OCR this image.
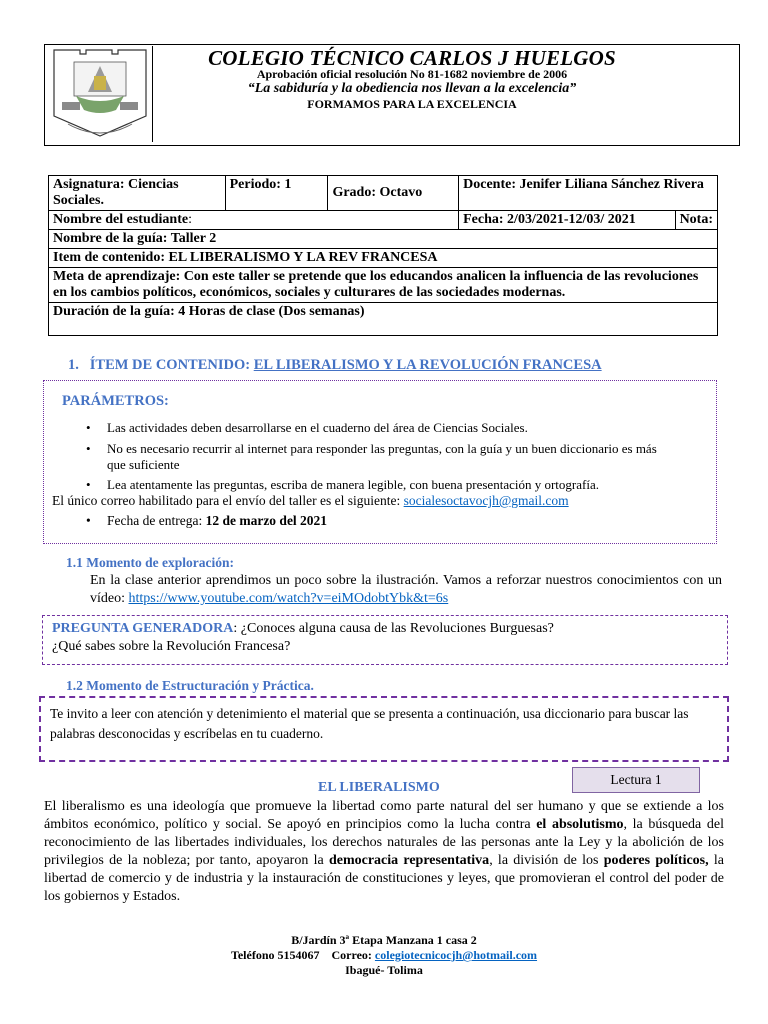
COLEGIO TÉCNICO CARLOS J HUELGOS
Aprobación oficial resolución No 81-1682 noviembre de 2006
“La sabiduría y la obediencia nos llevan a la excelencia”
FORMAMOS PARA LA EXCELENCIA
Asignatura: Ciencias Sociales.	Periodo: 1	Grado: Octavo	Docente: Jenifer Liliana Sánchez Rivera	
Nombre del estudiante:			Fecha: 2/03/2021-12/03/ 2021	Nota:
Nombre de la guía: Taller 2				
Item de contenido: EL LIBERALISMO Y LA REV FRANCESA				
Meta de aprendizaje: Con este taller se pretende que los educandos analicen la influencia de las revoluciones en los cambios políticos, económicos, sociales y culturares de las sociedades modernas.				
Duración de la guía: 4 Horas de clase (Dos semanas)				
1. ÍTEM DE CONTENIDO: EL LIBERALISMO Y LA REVOLUCIÓN FRANCESA
PARÁMETROS:
• Las actividades deben desarrollarse en el cuaderno del área de Ciencias Sociales.
• No es necesario recurrir al internet para responder las preguntas, con la guía y un buen diccionario es más que suficiente
• Lea atentamente las preguntas, escriba de manera legible, con buena presentación y ortografía.
El único correo habilitado para el envío del taller es el siguiente: socialesoctavocjh@gmail.com
• Fecha de entrega: 12 de marzo del 2021
1.1 Momento de exploración:
En la clase anterior aprendimos un poco sobre la ilustración. Vamos a reforzar nuestros conocimientos con un vídeo: https://www.youtube.com/watch?v=eiMOdobtYbk&t=6s
PREGUNTA GENERADORA: ¿Conoces alguna causa de las Revoluciones Burguesas?
¿Qué sabes sobre la Revolución Francesa?
1.2 Momento de Estructuración y Práctica.
Te invito a leer con atención y detenimiento el material que se presenta a continuación, usa diccionario para buscar las palabras desconocidas y escríbelas en tu cuaderno.
EL LIBERALISMO
Lectura 1
El liberalismo es una ideología que promueve la libertad como parte natural del ser humano y que se extiende a los ámbitos económico, político y social. Se apoyó en principios como la lucha contra el absolutismo, la búsqueda del reconocimiento de las libertades individuales, los derechos naturales de las personas ante la Ley y la abolición de los privilegios de la nobleza; por tanto, apoyaron la democracia representativa, la división de los poderes políticos, la libertad de comercio y de industria y la instauración de constituciones y leyes, que promovieran el control del poder de los gobiernos y Estados.
B/Jardín 3ª Etapa Manzana 1 casa 2
Teléfono 5154067    Correo: colegiotecnicocjh@hotmail.com
Ibagué- Tolima
